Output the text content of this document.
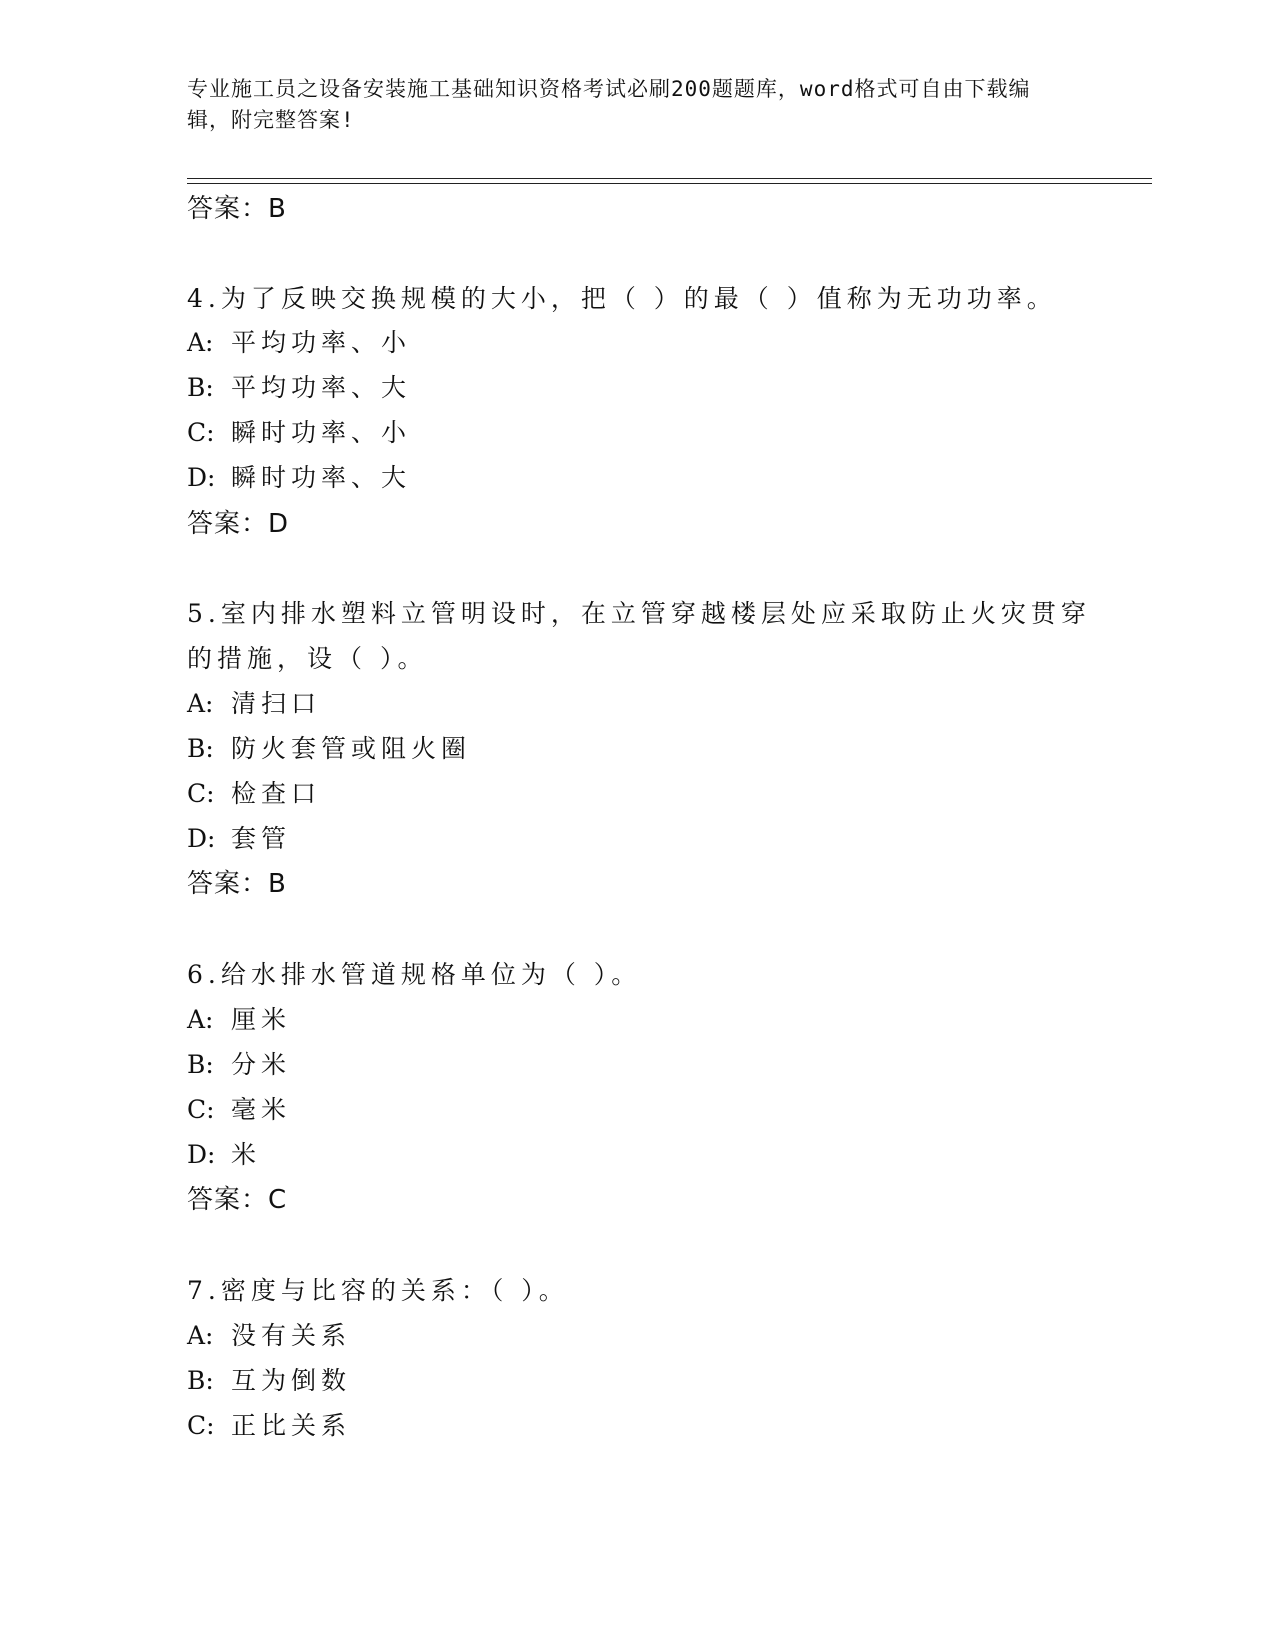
专业施工员之设备安装施工基础知识资格考试必刷200题题库，word格式可自由下载编辑，附完整答案!
答案：B
4.为了反映交换规模的大小，把（ ）的最（ ）值称为无功功率。
A: 平均功率、小
B: 平均功率、大
C: 瞬时功率、小
D: 瞬时功率、大
答案：D
5.室内排水塑料立管明设时，在立管穿越楼层处应采取防止火灾贯穿
的措施，设（ ）。
A: 清扫口
B: 防火套管或阻火圈
C: 检查口
D: 套管
答案：B
6.给水排水管道规格单位为（ ）。
A: 厘米
B: 分米
C: 毫米
D: 米
答案：C
7.密度与比容的关系：（ ）。
A: 没有关系
B: 互为倒数
C: 正比关系
